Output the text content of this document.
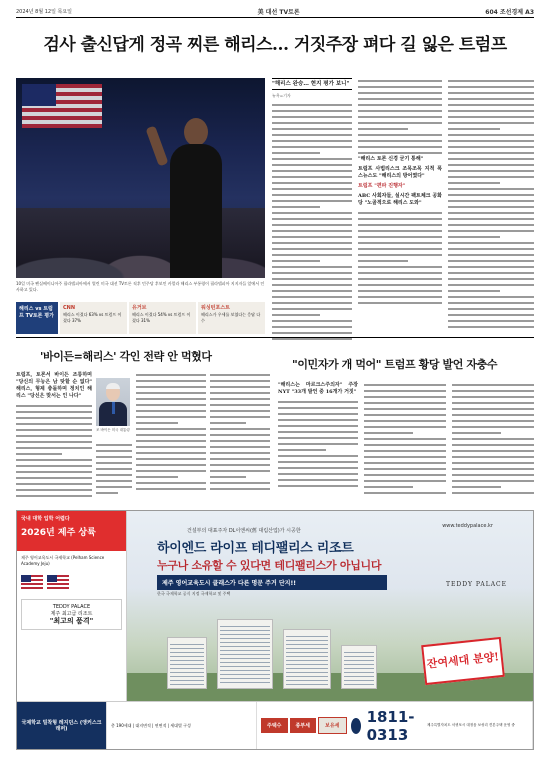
2024년 8월 12일 목요일	美 대선 TV토론	604 조선경제 A3
검사 출신답게 정곡 찌른 해리스… 거짓주장 펴다 길 잃은 트럼프
10일 미국 펜실베이니아주 필라델피아에서 열린 미국 대선 TV토론 직후 민주당 후보인 카멀라 해리스 부통령이 필라델피아 지지자들 앞에서 인사하고 있다.
해리스 vs 트럼프 TV토론 평가
CNN
해리스 이겼다 63% vs 트럼프 이겼다 37%
유거브
해리스 이겼다 54% vs 트럼프 이겼다 31%
워싱턴포스트
해리스가 우세를 보였다는 응답 다수
"해리스 완승… 현지 평가 보니"
뉴욕=기자
"해리스 토론 신경 굳기 통해"
트럼프 사법리스크 조목조목 지적 폭스뉴스도 "해리스의 방어였다"
트럼프 "편파 진행자"
ABC 사회자들, 실시간 팩트체크 공화당 "노골적으로 해리스 도와"
'바이든=해리스' 각인 전략 안 먹혔다
트럼프, 토론서 바이든 조롱하며 "당신의 무능은 남 탓할 순 없다" 해리스, 형제 충돌하며 정치인 해리스 "당신은 맞서는 인 나다"
조 바이든 미국 대통령
"이민자가 개 먹어" 트럼프 황당 발언 자충수
"해리스는 마르크스주의자" 주장 NYT "33개 발언 중 16개가 거짓"
국내 대학 입학 어렵다
2026년 제주 상륙
제주 영어교육도시 국제학교 (Pelham Science Academy Jeju)
TEDDY PALACE
제주 최고급 리조트
"최고의 품격"
건설부의 대표주자 DL이앤씨(舊 대림산업)가 시공한
www.teddypalace.kr
하이엔드 라이프 테디팰리스 리조트
누구나 소유할 수 있다면 테디팰리스가 아닙니다
제주 영어교육도시 클래스가 다른 명문 주거 단지!!
한국 국제학교 공식 지정 국제학교 및 주택
TEDDY PALACE
잔여세대 분양!
국제학교 밀착형 레지던스 (앵커스크래퍼)
총 190세대 | 대지면적 | 연면적 | 세대별 구성	주택수	종부세	보유세
1811-0313
제주특별자치도 서귀포시 대정읍 보성리 견본주택 운영 중
